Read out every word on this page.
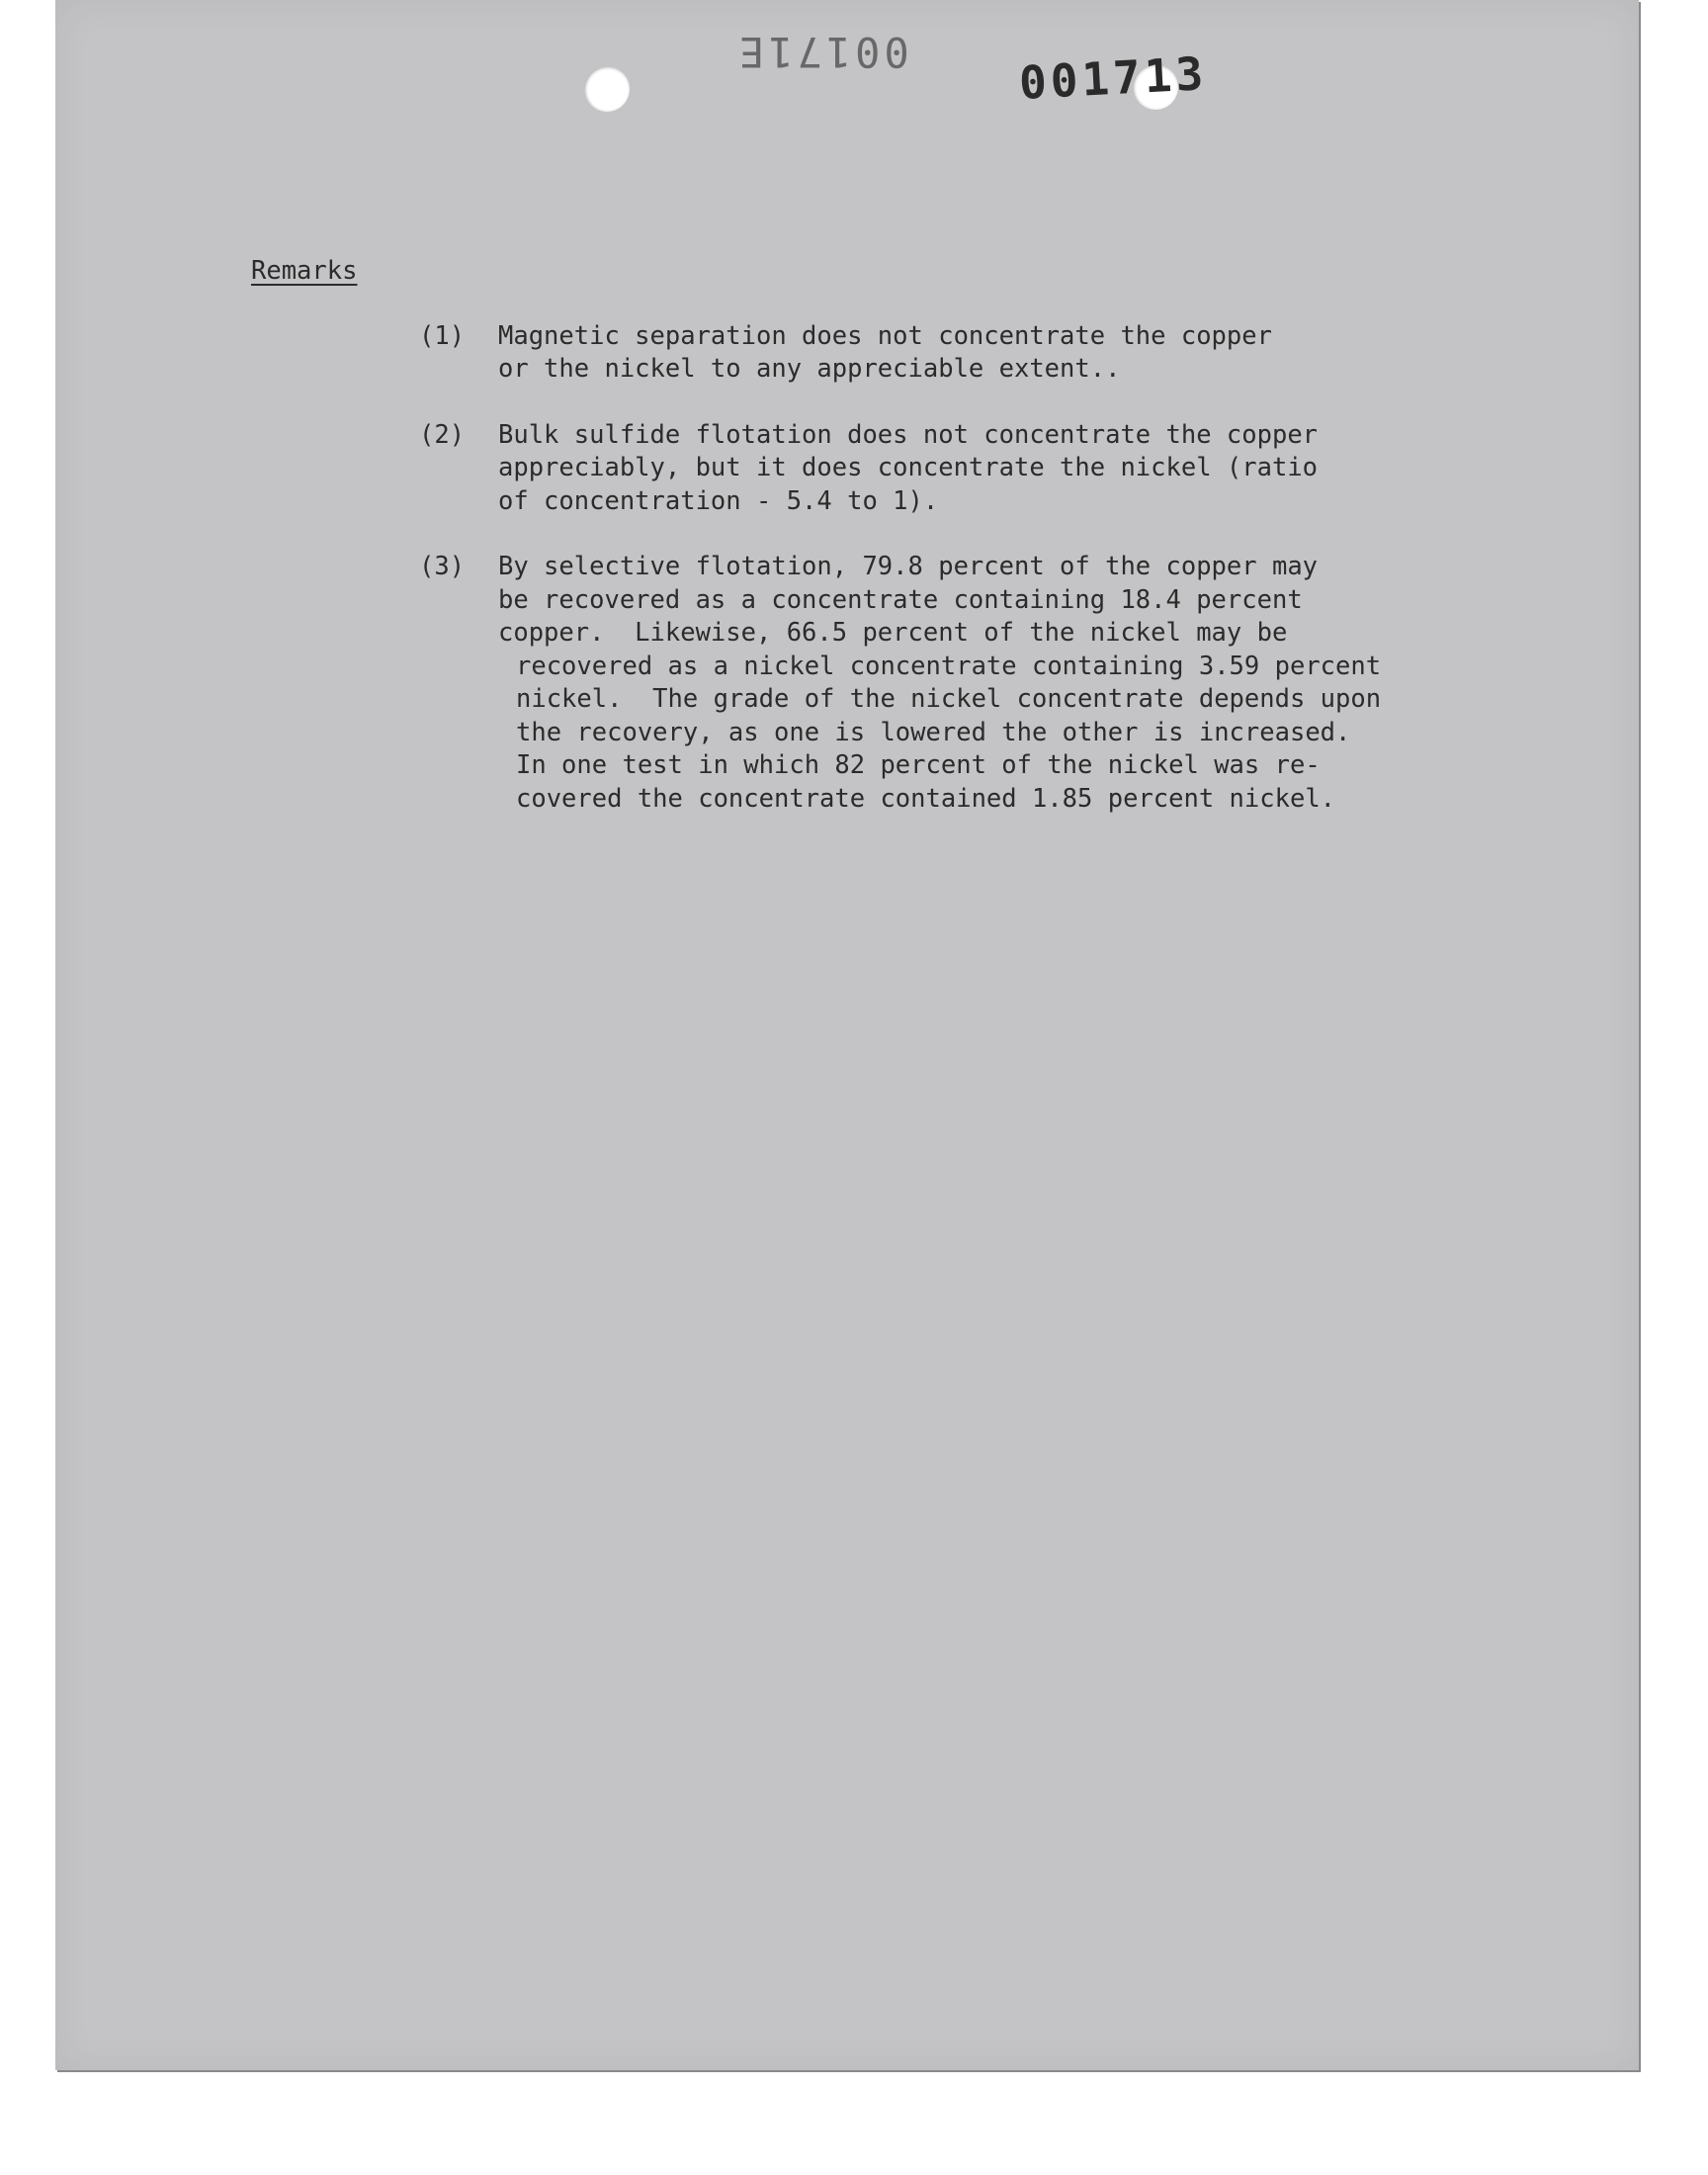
00171E 001713
Remarks
(1)	Magnetic separation does not concentrate the copper
or the nickel to any appreciable extent..
(2)	Bulk sulfide flotation does not concentrate the copper
appreciably, but it does concentrate the nickel (ratio
of concentration - 5.4 to 1).
(3)	By selective flotation, 79.8 percent of the copper may
be recovered as a concentrate containing 18.4 percent
copper.  Likewise, 66.5 percent of the nickel may be
recovered as a nickel concentrate containing 3.59 percent
nickel.  The grade of the nickel concentrate depends upon
the recovery, as one is lowered the other is increased.
In one test in which 82 percent of the nickel was re-
covered the concentrate contained 1.85 percent nickel.
